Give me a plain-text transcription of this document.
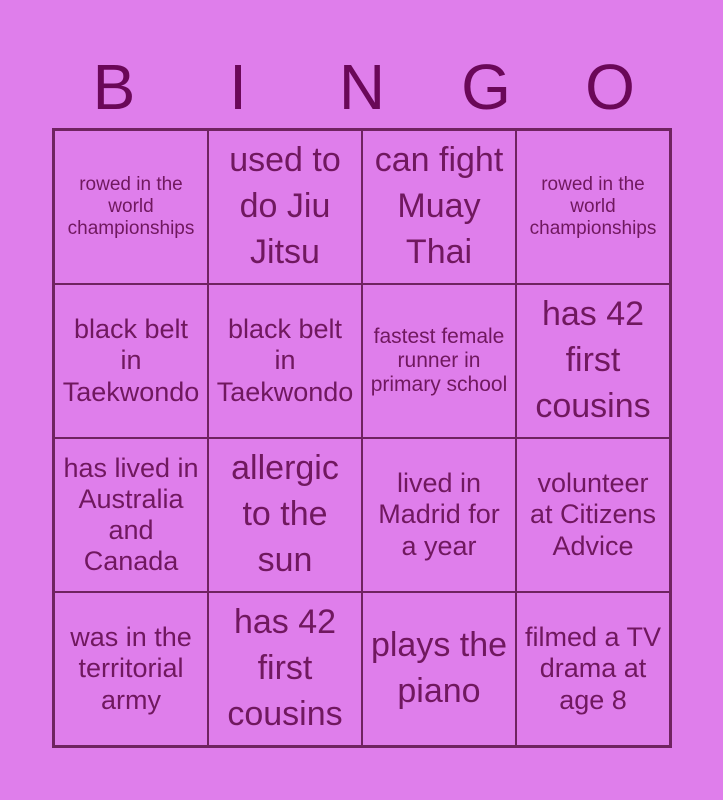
B	I	N	G	O
rowed in the world championships
used to do Jiu Jitsu
can fight Muay Thai
rowed in the world championships
black belt in Taekwondo
black belt in Taekwondo
fastest female runner in primary school
has 42 first cousins
has lived in Australia and Canada
allergic to the sun
lived in Madrid for a year
volunteer at Citizens Advice
was in the territorial army
has 42 first cousins
plays the piano
filmed a TV drama at age 8
